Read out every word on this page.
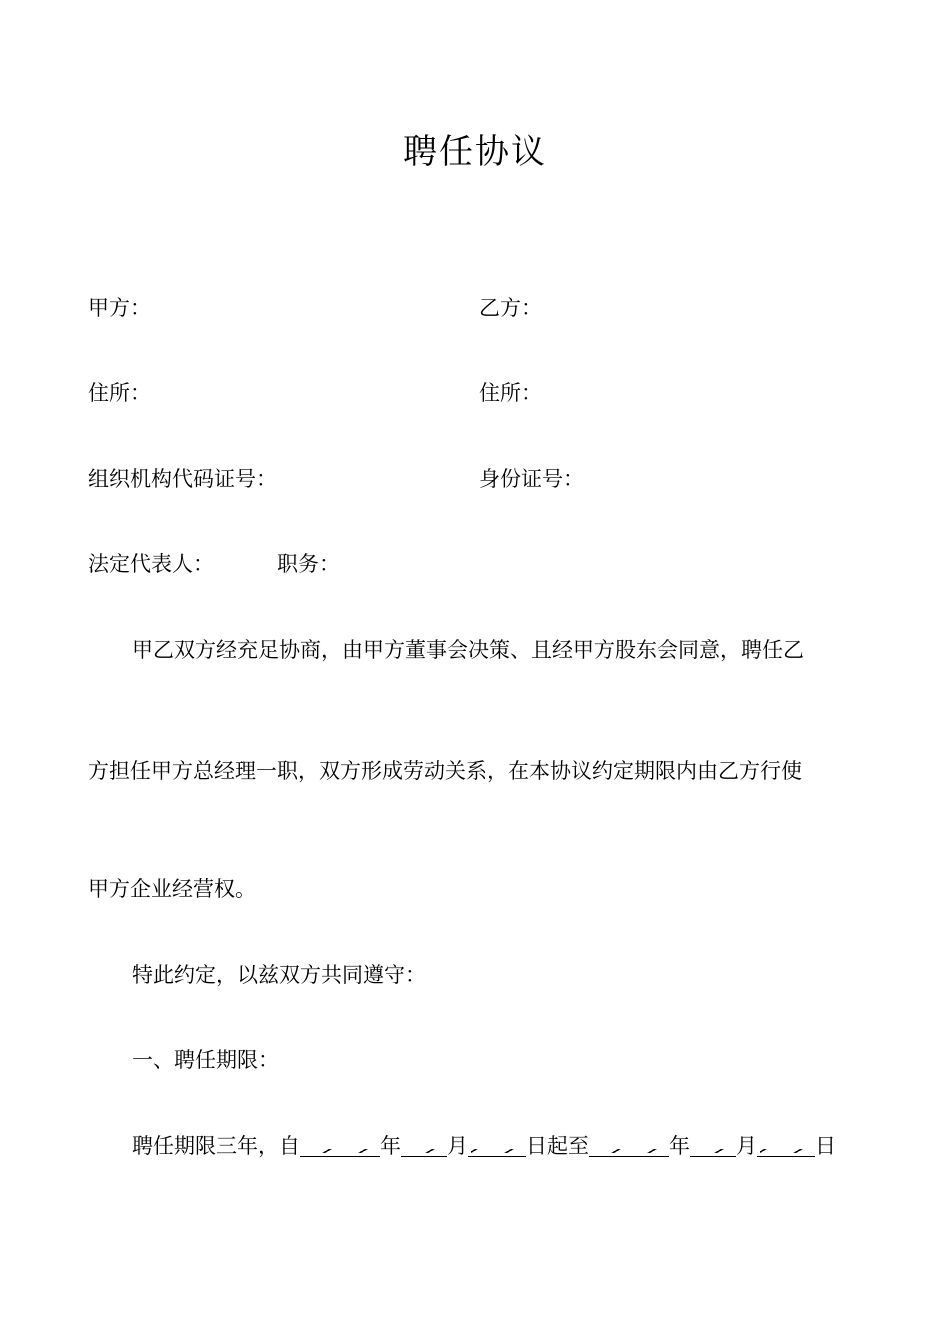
聘任协议
甲方：	乙方：
住所：	住所：
组织机构代码证号：	身份证号：
法定代表人：	职务：
甲乙双方经充足协商，由甲方董事会决策、且经甲方股东会同意，聘任乙
方担任甲方总经理一职，双方形成劳动关系，在本协议约定期限内由乙方行使
甲方企业经营权。
特此约定，以兹双方共同遵守：
一、聘任期限：
聘任期限三年，自	年 月	日起至	年 月	日
